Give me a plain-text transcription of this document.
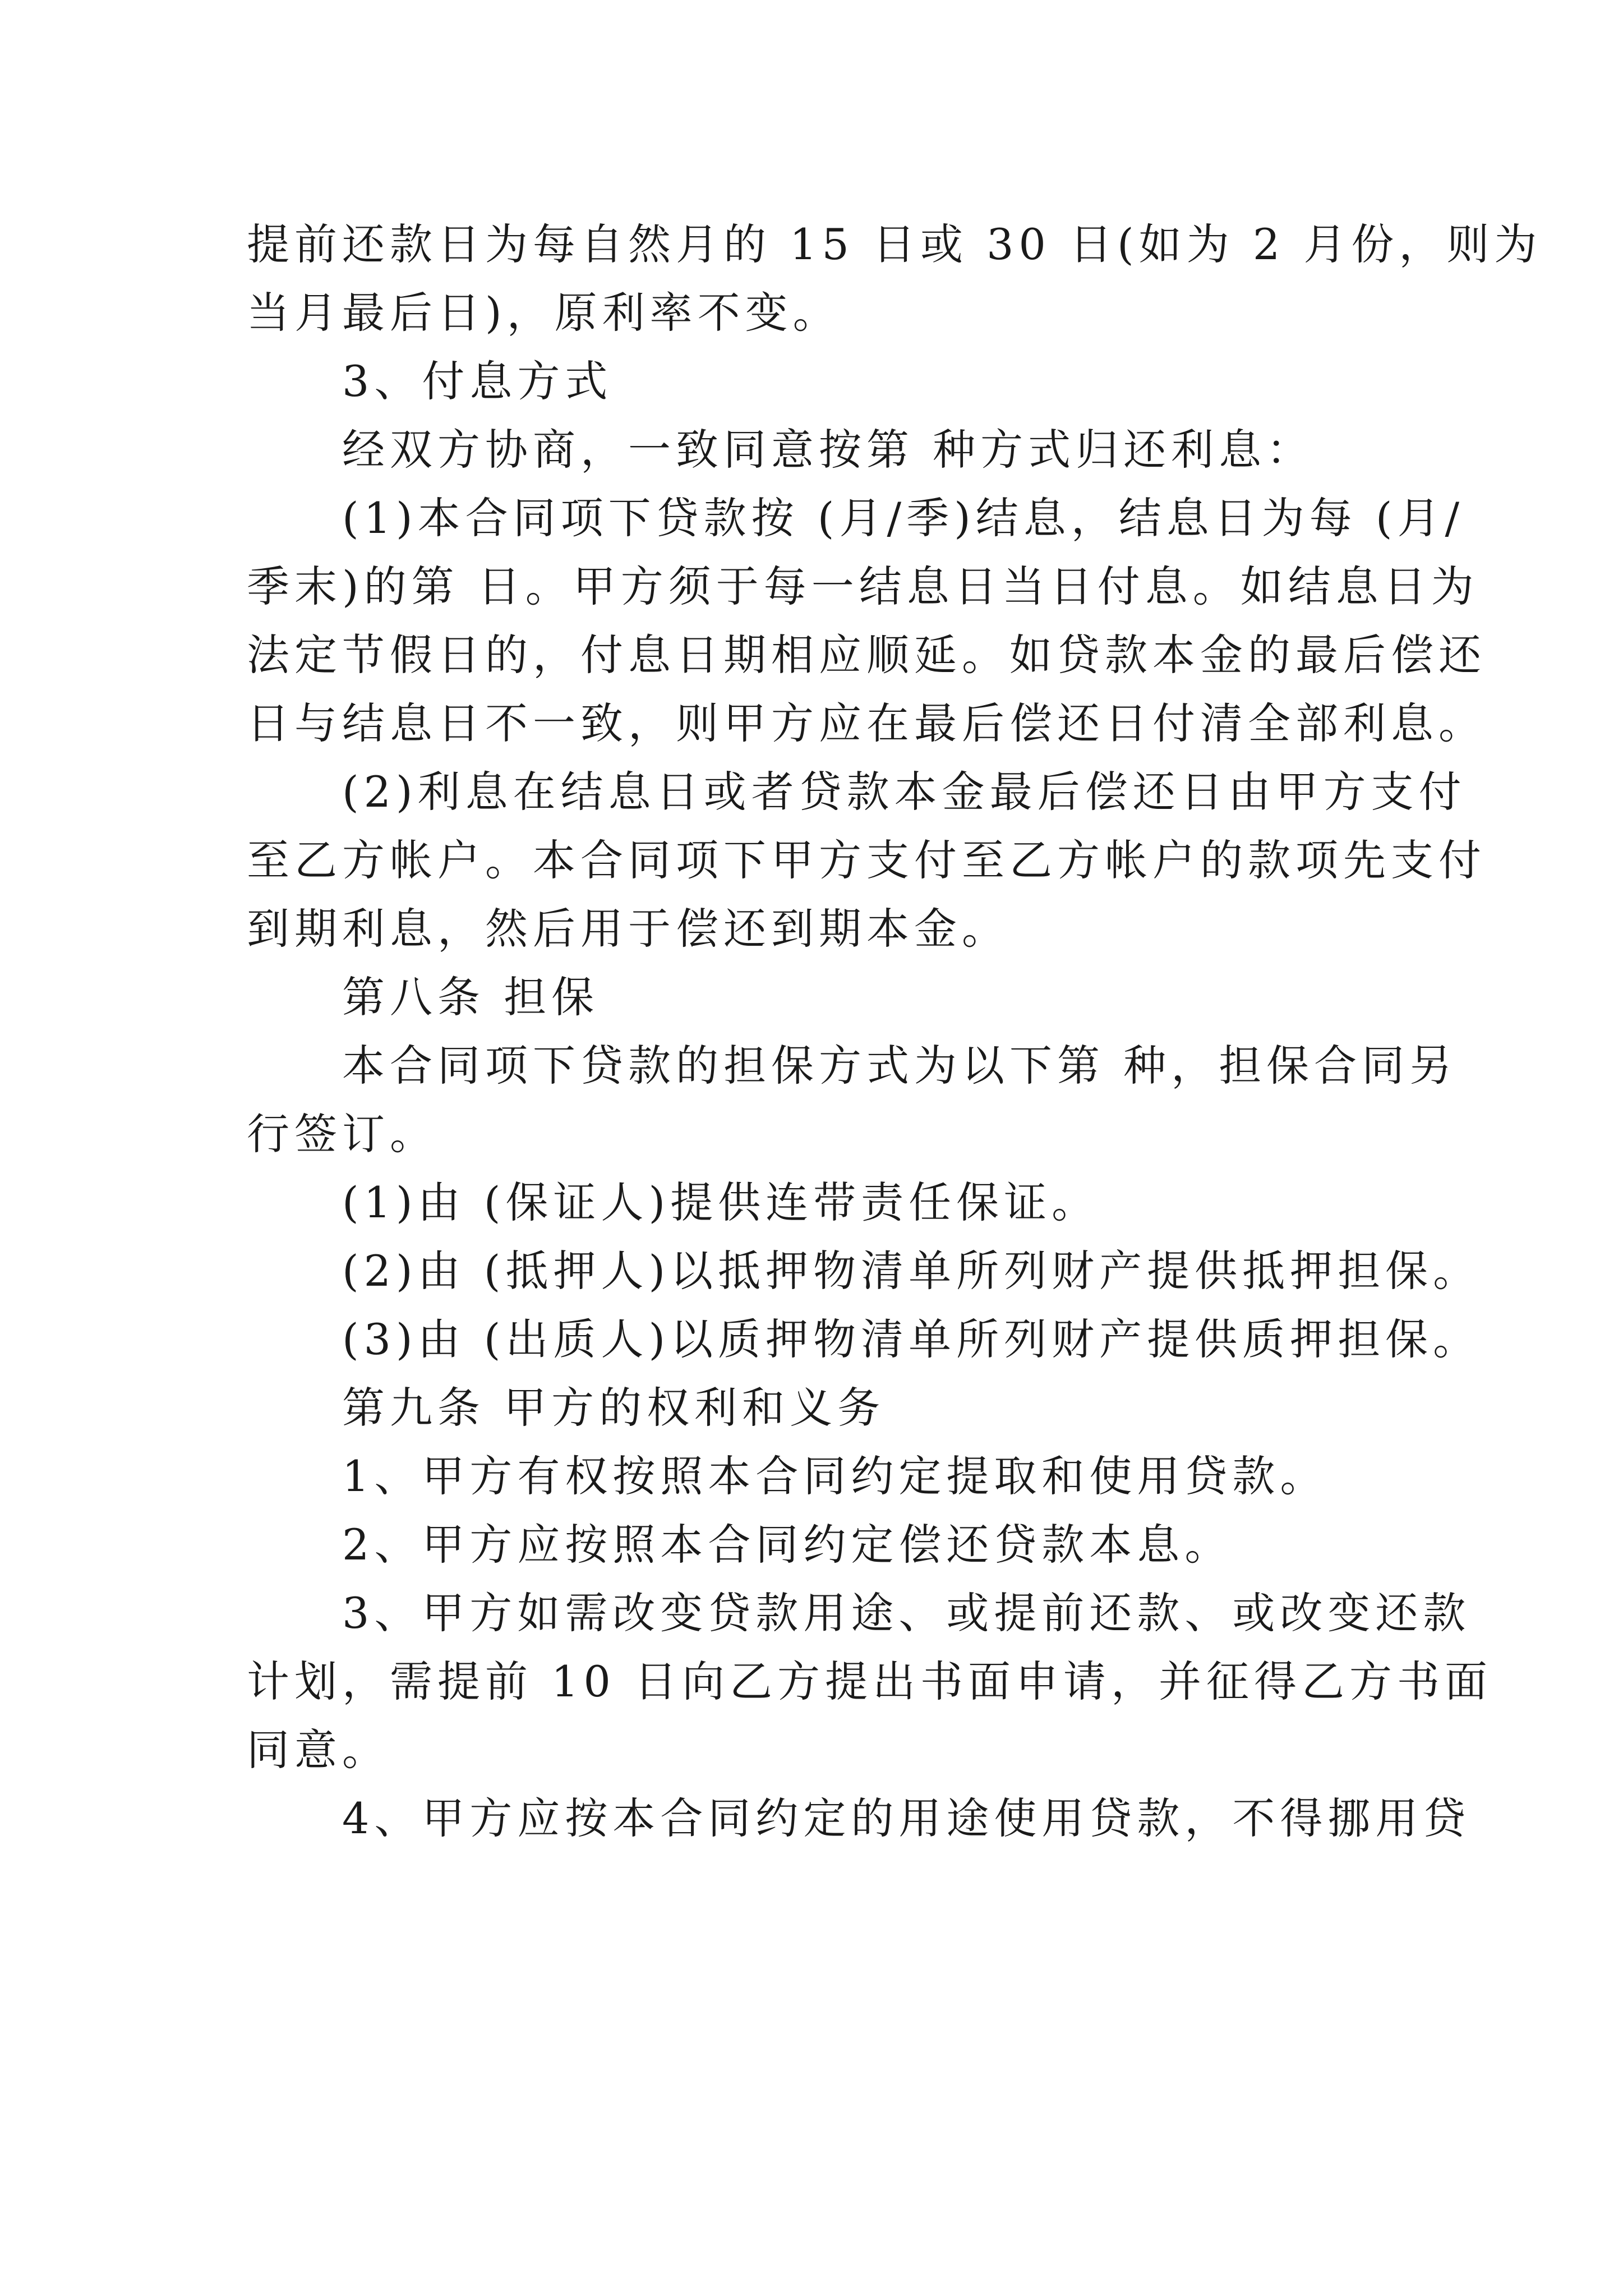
提前还款日为每自然月的 15 日或 30 日(如为 2 月份，则为
当月最后日)，原利率不变。
3、付息方式
经双方协商，一致同意按第 种方式归还利息：
(1)本合同项下贷款按 (月/季)结息，结息日为每 (月/
季末)的第 日。甲方须于每一结息日当日付息。如结息日为
法定节假日的，付息日期相应顺延。如贷款本金的最后偿还
日与结息日不一致，则甲方应在最后偿还日付清全部利息。
(2)利息在结息日或者贷款本金最后偿还日由甲方支付
至乙方帐户。本合同项下甲方支付至乙方帐户的款项先支付
到期利息，然后用于偿还到期本金。
第八条 担保
本合同项下贷款的担保方式为以下第 种，担保合同另
行签订。
(1)由 (保证人)提供连带责任保证。
(2)由 (抵押人)以抵押物清单所列财产提供抵押担保。
(3)由 (出质人)以质押物清单所列财产提供质押担保。
第九条 甲方的权利和义务
1、甲方有权按照本合同约定提取和使用贷款。
2、甲方应按照本合同约定偿还贷款本息。
3、甲方如需改变贷款用途、或提前还款、或改变还款
计划，需提前 10 日向乙方提出书面申请，并征得乙方书面
同意。
4、甲方应按本合同约定的用途使用贷款，不得挪用贷
